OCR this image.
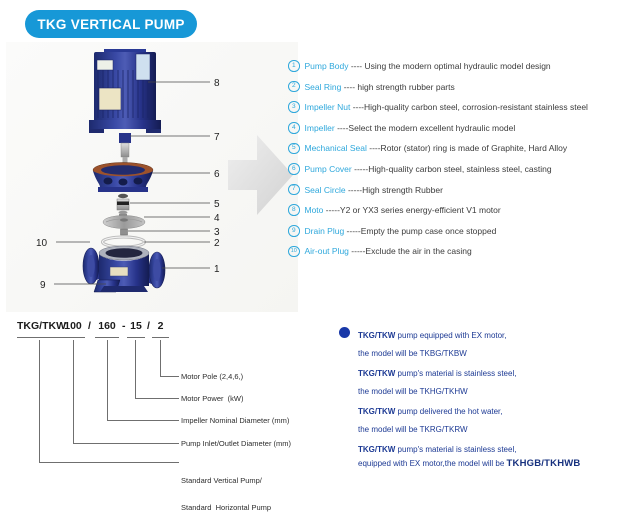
TKG VERTICAL PUMP
8
7
6
5
4
3
2
10
1
9
1	Pump Body ---- Using the modern optimal hydraulic model design
2	Seal Ring ---- high strength rubber parts
3	Impeller Nut ----High-quality carbon steel, corrosion-resistant stainless steel
4	Impeller ----Select the modern excellent hydraulic model
5	Mechanical Seal ----Rotor (stator) ring is made of Graphite, Hard Alloy
6	Pump Cover -----High-quality carbon steel, stainless steel, casting
7	Seal Circle -----High strength Rubber
8	Moto -----Y2 or YX3 series energy-efficient V1 motor
9	Drain Plug -----Empty the pump case once stopped
10 Air-out Plug -----Exclude the air in the casing
TKG/TKW
100 / 160 - 15 / 2
Motor Pole (2,4,6,)
Motor Power  (kW)
Impeller Nominal Diameter (mm)
Pump Inlet/Outlet Diameter (mm)

Standard Vertical Pump/

Standard  Horizontal Pump

TKG/TKW pump equipped with EX motor,
the model will be TKBG/TKBW
TKG/TKW pump's material is stainless steel,
the model will be TKHG/TKHW
TKG/TKW pump delivered the hot water,
the model will be TKRG/TKRW
TKG/TKW pump's material is stainless steel,
equipped with EX motor,the model will be TKHGB/TKHWB
